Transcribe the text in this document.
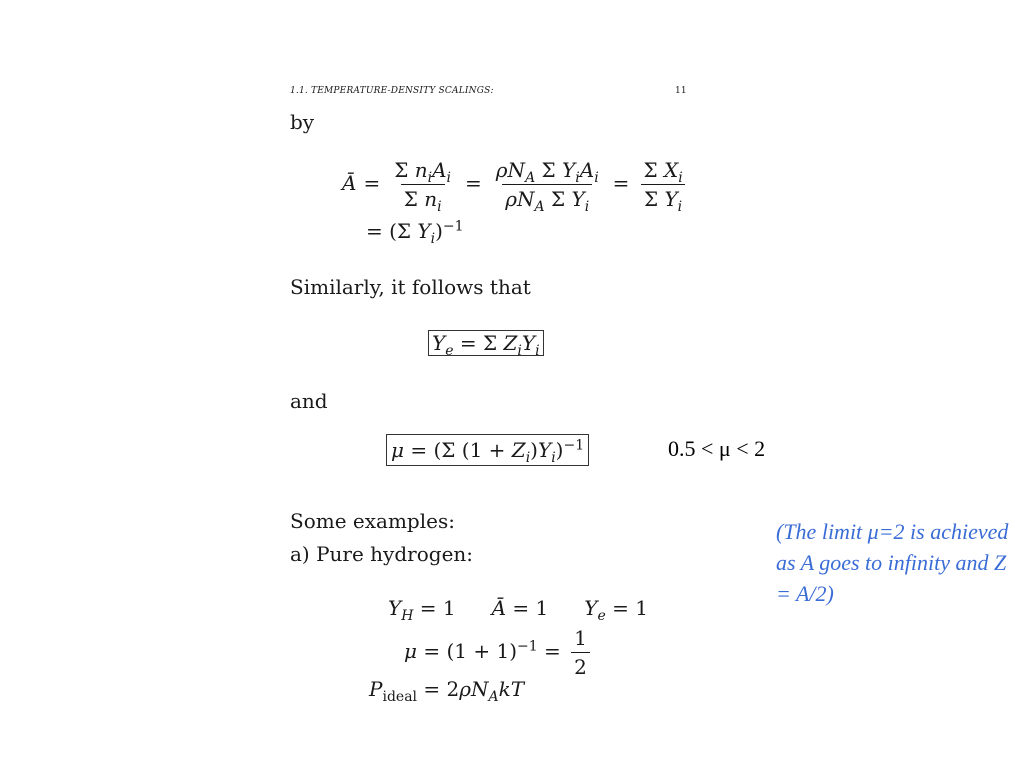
1.1. TEMPERATURE-DENSITY SCALINGS:	11
by
Ā = $\frac{\Sigma n_iA_i}{\Sigma n_i} = \frac{\rho N_A \Sigma Y_iA_i}{\rho N_A \Sigma Y_i} = \frac{\Sigma X_i}{\Sigma Y_i}$
= (Σ $Y_i)^{-1}$
Similarly, it follows that
$Y_e = \Sigma$ $Z_iY_i$
and
μ = (Σ $(1 + Z_i)Y_i)^{-1}$	0.5 < μ < 2
Some examples:
a) Pure hydrogen:
(The limit μ=2 is achieved as A goes to infinity and Z = A/2)
$Y_H = 1$ Ā = 1 $Y_e = 1$
$\mu = (1 + 1)^{-1} = \frac{1}{2}$
$P_{ideal} = 2\rho N_AkT$
